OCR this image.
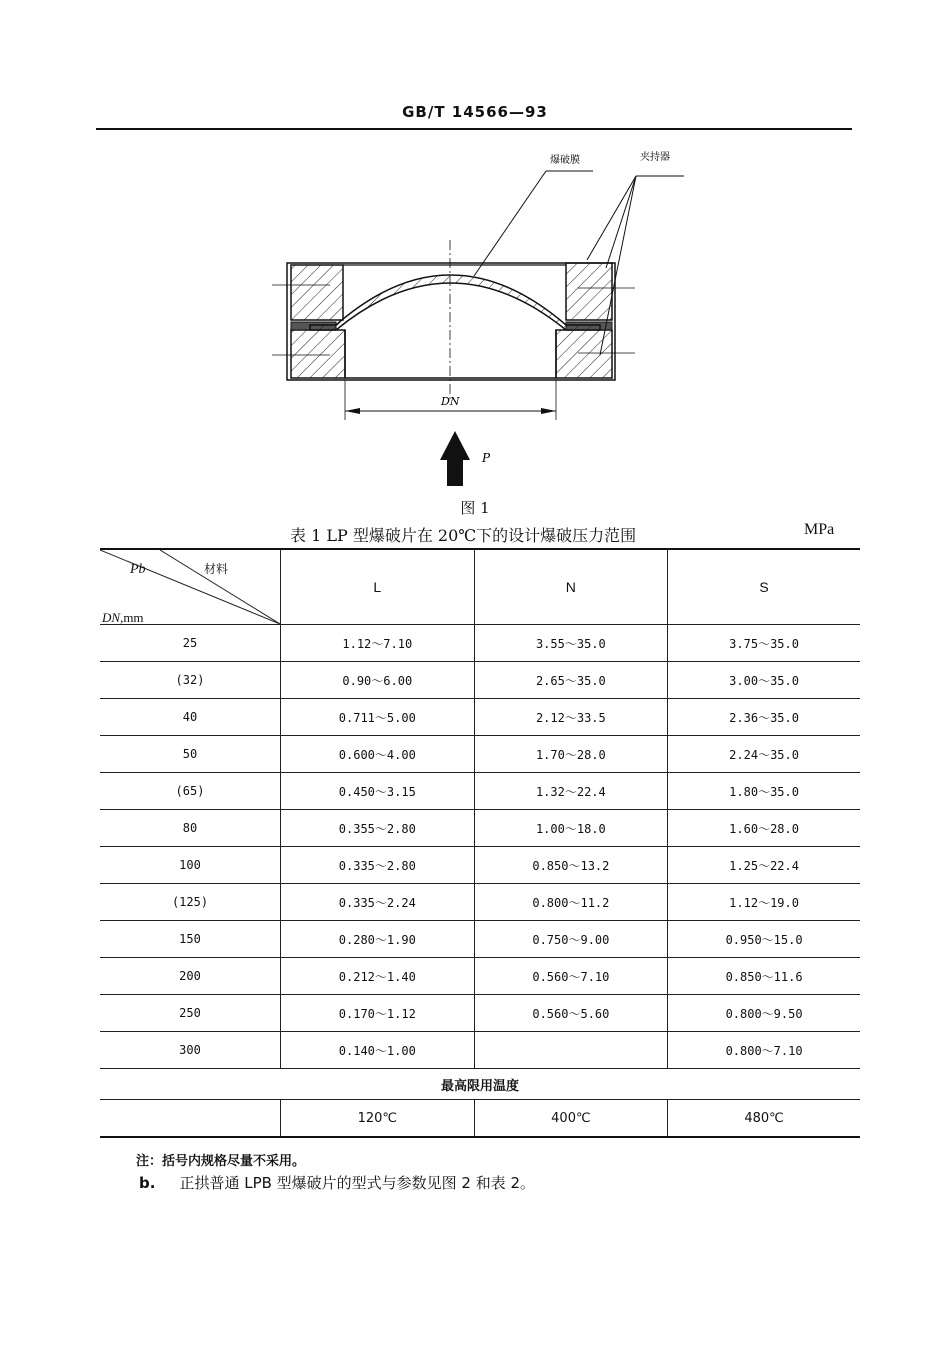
GB/T 14566—93
爆破膜	夹持器
DN
P
图 1
表 1 LP 型爆破片在 20℃下的设计爆破压力范围	MPa
Pb 材料
DN,mm	L	N	S
25	1.12～7.10	3.55～35.0	3.75～35.0
(32)	0.90～6.00	2.65～35.0	3.00～35.0
40	0.711～5.00	2.12～33.5	2.36～35.0
50	0.600～4.00	1.70～28.0	2.24～35.0
(65)	0.450～3.15	1.32～22.4	1.80～35.0
80	0.355～2.80	1.00～18.0	1.60～28.0
100	0.335～2.80	0.850～13.2	1.25～22.4
(125)	0.335～2.24	0.800～11.2	1.12～19.0
150	0.280～1.90	0.750～9.00	0.950～15.0
200	0.212～1.40	0.560～7.10	0.850～11.6
250	0.170～1.12	0.560～5.60	0.800～9.50
300	0.140～1.00		0.800～7.10
最高限用温度			
	120℃	400℃	480℃
注：括号内规格尽量不采用。
b. 正拱普通 LPB 型爆破片的型式与参数见图 2 和表 2。
